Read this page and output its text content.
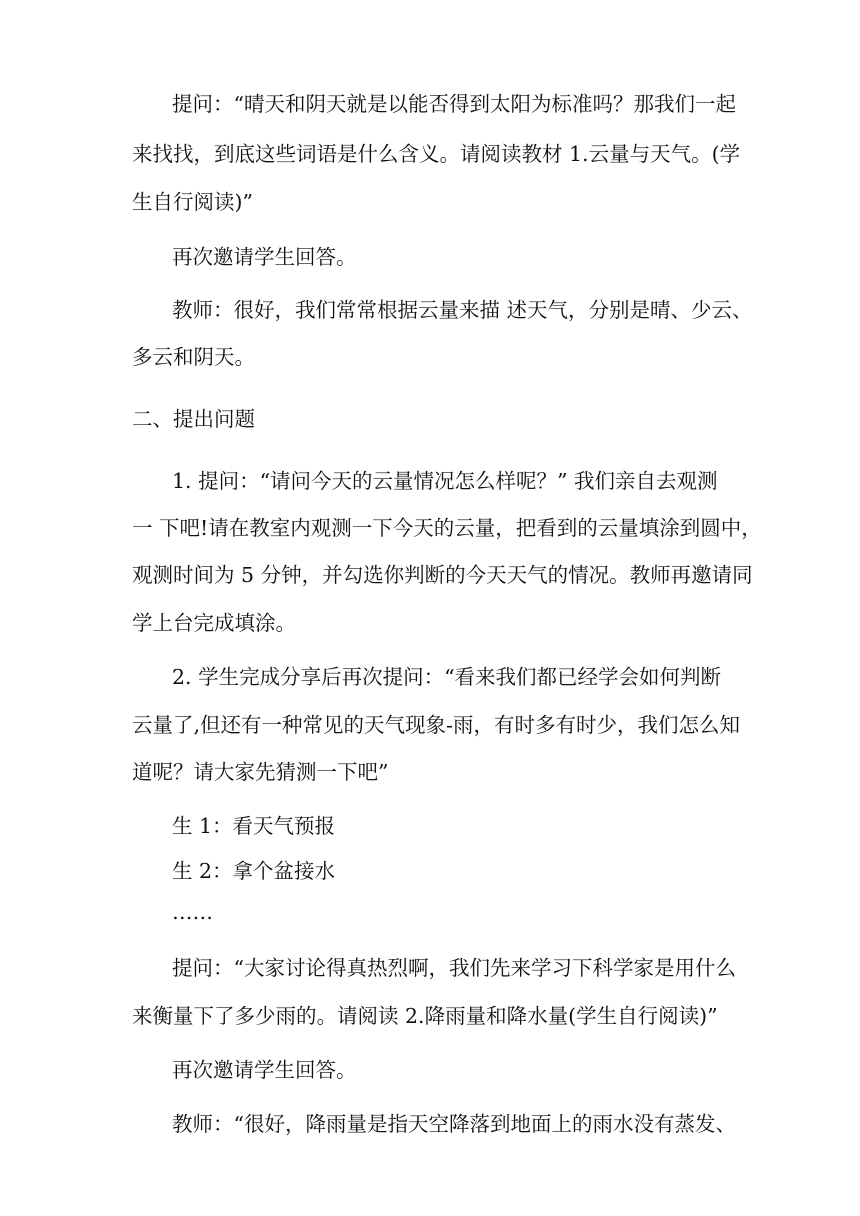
提问：“晴天和阴天就是以能否得到太阳为标准吗？那我们一起

来找找，到底这些词语是什么含义。请阅读教材 1.云量与天气。(学

生自行阅读)”

再次邀请学生回答。

教师：很好，我们常常根据云量来描 述天气，分别是晴、少云、

多云和阴天。

二、提出问题

1. 提问：“请问今天的云量情况怎么样呢？” 我们亲自去观测

一 下吧!请在教室内观测一下今天的云量，把看到的云量填涂到圆中，

观测时间为 5 分钟，并勾选你判断的今天天气的情况。教师再邀请同

学上台完成填涂。

2. 学生完成分享后再次提问：“看来我们都已经学会如何判断

云量了,但还有一种常见的天气现象-雨，有时多有时少，我们怎么知

道呢？请大家先猜测一下吧”

生 1：看天气预报

生 2：拿个盆接水

……

提问：“大家讨论得真热烈啊，我们先来学习下科学家是用什么

来衡量下了多少雨的。请阅读 2.降雨量和降水量(学生自行阅读)”

再次邀请学生回答。

教师：“很好，降雨量是指天空降落到地面上的雨水没有蒸发、
